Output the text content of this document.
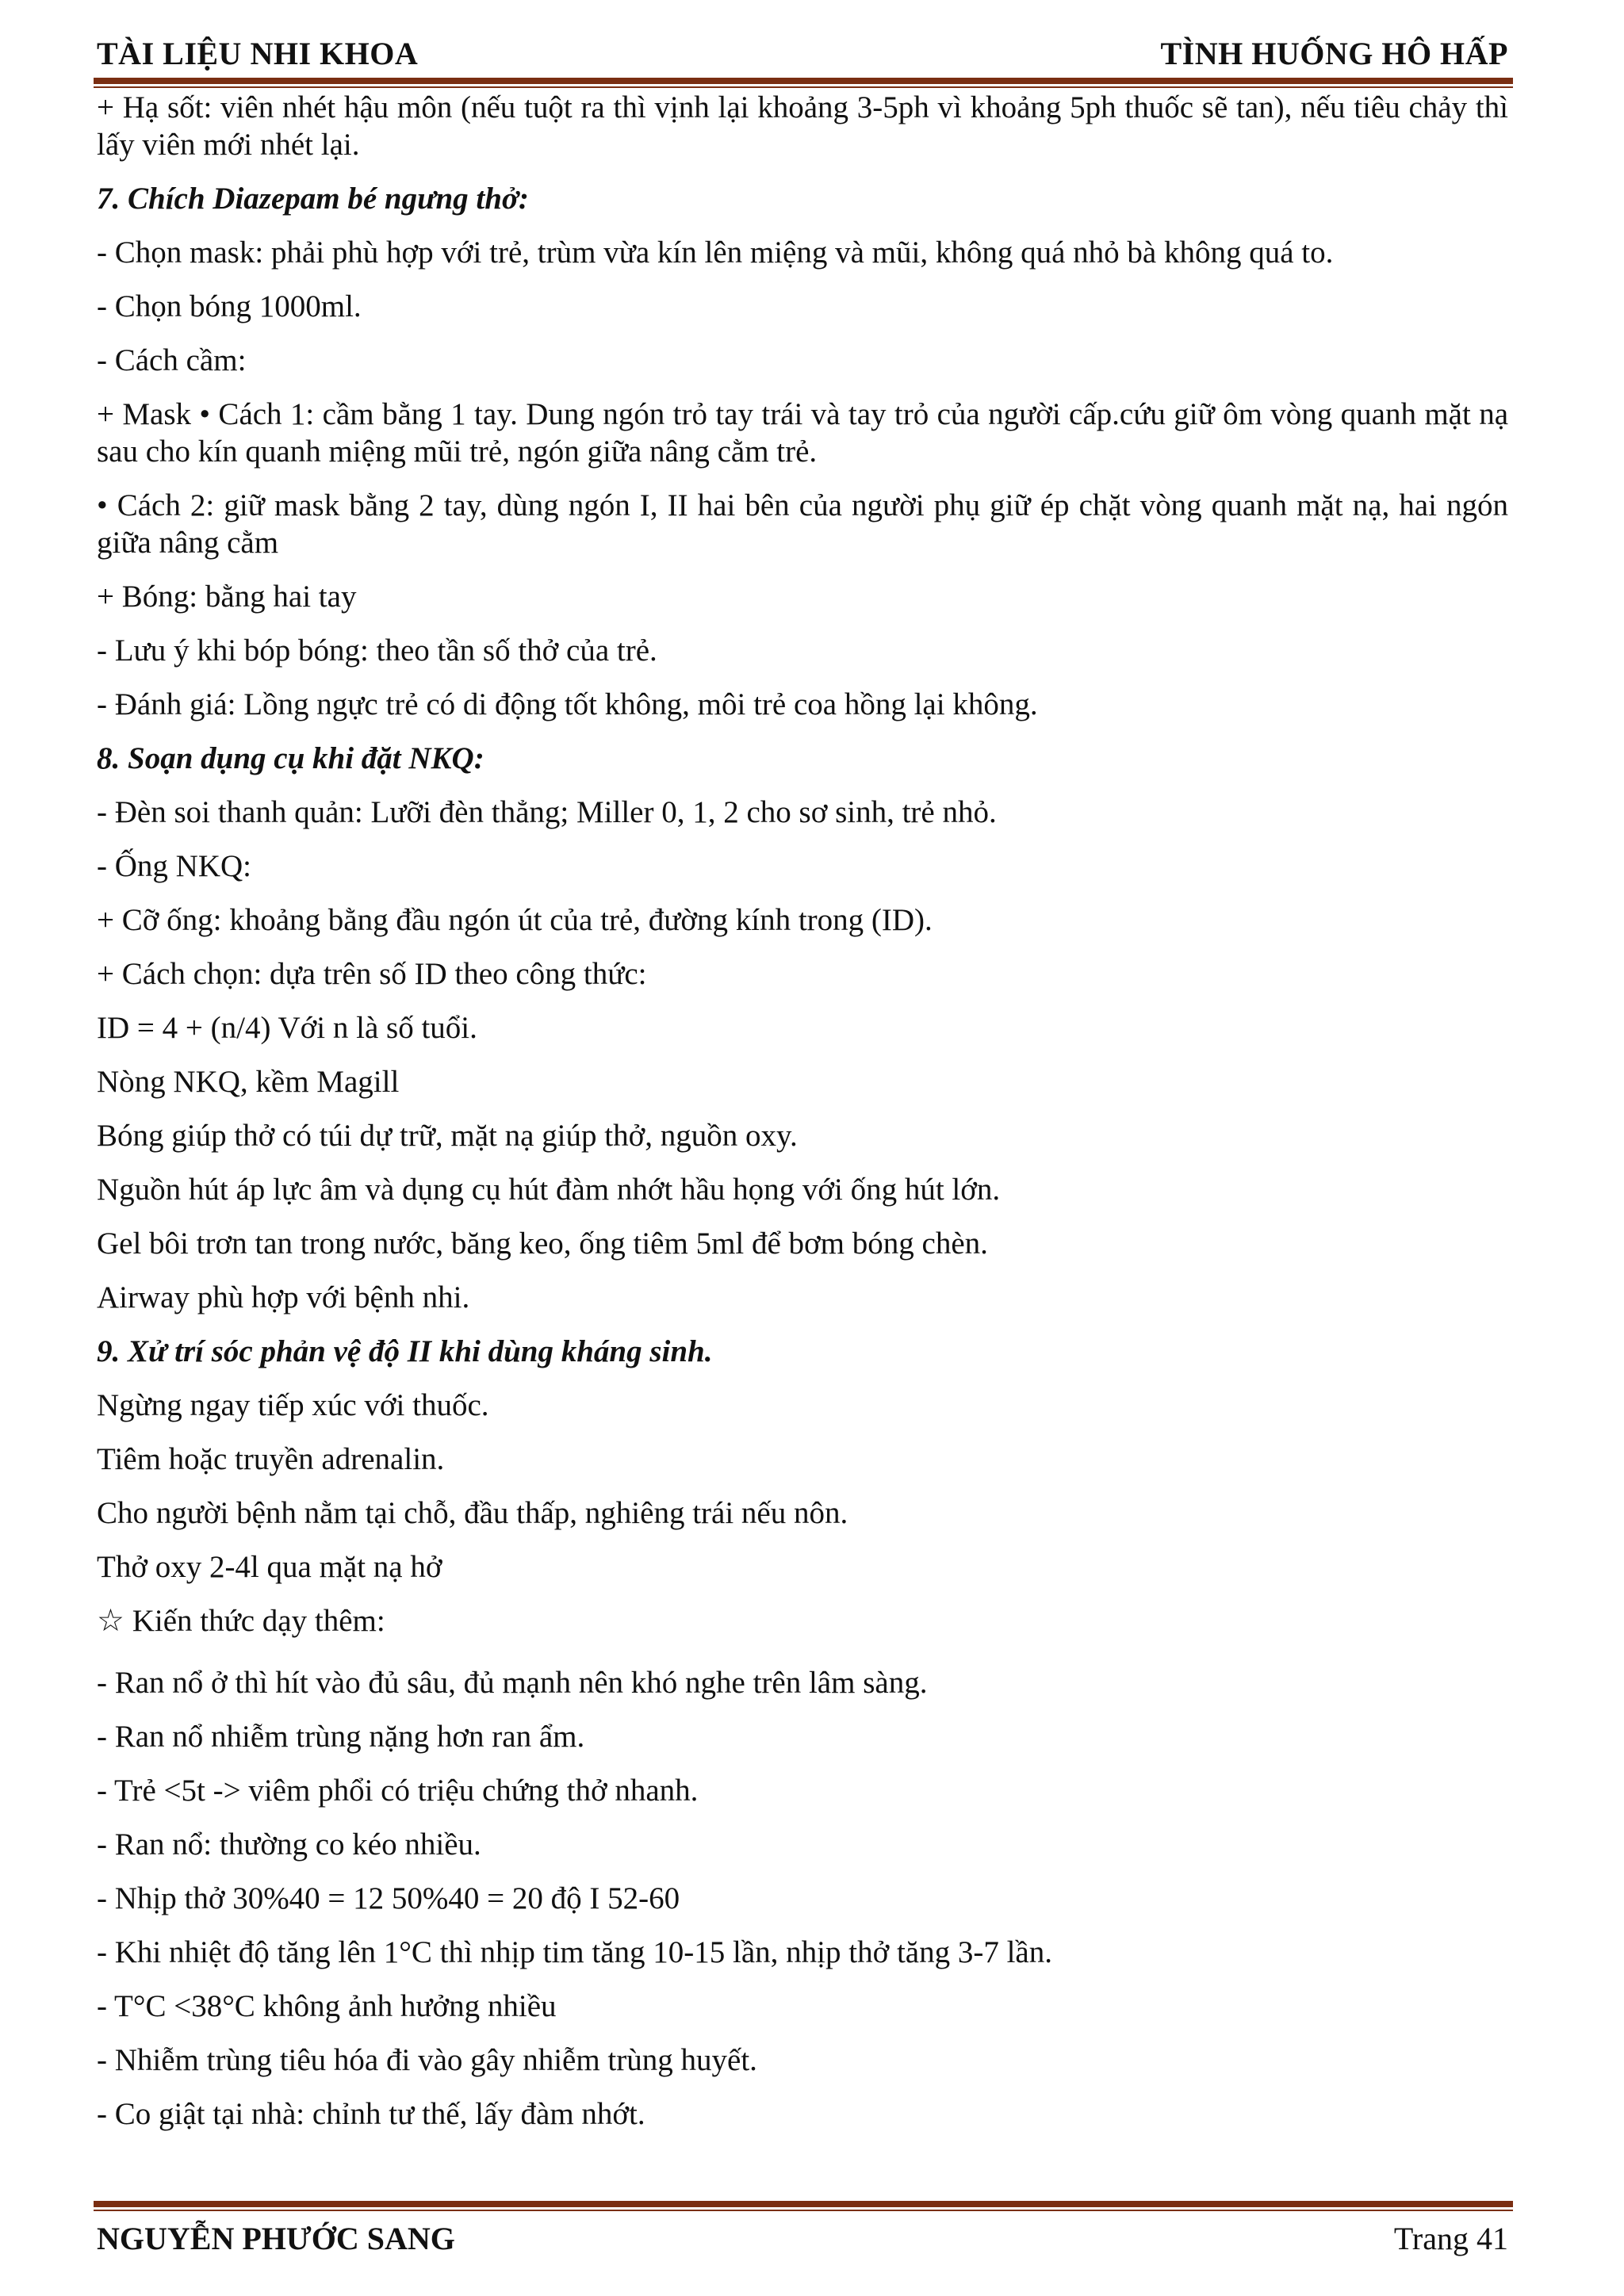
TÀI LIỆU NHI KHOA	TÌNH HUỐNG HÔ HẤP

+ Hạ sốt: viên nhét hậu môn (nếu tuột ra thì vịnh lại khoảng 3-5ph vì khoảng 5ph thuốc sẽ tan), nếu tiêu chảy thì lấy viên mới nhét lại.

7. Chích Diazepam bé ngưng thở:

- Chọn mask: phải phù hợp với trẻ, trùm vừa kín lên miệng và mũi, không quá nhỏ bà không quá to.

- Chọn bóng 1000ml.

- Cách cầm:

+ Mask • Cách 1: cầm bằng 1 tay. Dung ngón trỏ tay trái và tay trỏ của người cấp.cứu giữ ôm vòng quanh mặt nạ sau cho kín quanh miệng mũi trẻ, ngón giữa nâng cằm trẻ.

• Cách 2: giữ mask bằng 2 tay, dùng ngón I, II hai bên của người phụ giữ ép chặt vòng quanh mặt nạ, hai ngón giữa nâng cằm

+ Bóng: bằng hai tay

- Lưu ý khi bóp bóng: theo tần số thở của trẻ.

- Đánh giá: Lồng ngực trẻ có di động tốt không, môi trẻ coa hồng lại không.

8. Soạn dụng cụ khi đặt NKQ:

- Đèn soi thanh quản: Lưỡi đèn thẳng; Miller 0, 1, 2 cho sơ sinh, trẻ nhỏ.

- Ống NKQ:

+ Cỡ ống: khoảng bằng đầu ngón út của trẻ, đường kính trong (ID).

+ Cách chọn: dựa trên số ID theo công thức:

ID = 4 + (n/4) Với n là số tuổi.

Nòng NKQ, kềm Magill

Bóng giúp thở có túi dự trữ, mặt nạ giúp thở, nguồn oxy.

Nguồn hút áp lực âm và dụng cụ hút đàm nhớt hầu họng với ống hút lớn.

Gel bôi trơn tan trong nước, băng keo, ống tiêm 5ml để bơm bóng chèn.

Airway phù hợp với bệnh nhi.

9. Xử trí sóc phản vệ độ II khi dùng kháng sinh.

Ngừng ngay tiếp xúc với thuốc.

Tiêm hoặc truyền adrenalin.

Cho người bệnh nằm tại chỗ, đầu thấp, nghiêng trái nếu nôn.

Thở oxy 2-4l qua mặt nạ hở

☆ Kiến thức dạy thêm:

- Ran nổ ở thì hít vào đủ sâu, đủ mạnh nên khó nghe trên lâm sàng.

- Ran nổ nhiễm trùng nặng hơn ran ẩm.

- Trẻ <5t -> viêm phổi có triệu chứng thở nhanh.

- Ran nổ: thường co kéo nhiều.

- Nhịp thở 30%40 = 12 50%40 = 20 độ I 52-60

- Khi nhiệt độ tăng lên 1°C thì nhịp tim tăng 10-15 lần, nhịp thở tăng 3-7 lần.

- T°C <38°C không ảnh hưởng nhiều

- Nhiễm trùng tiêu hóa đi vào gây nhiễm trùng huyết.

- Co giật tại nhà: chỉnh tư thế, lấy đàm nhớt.

NGUYỄN PHƯỚC SANG	Trang 41
